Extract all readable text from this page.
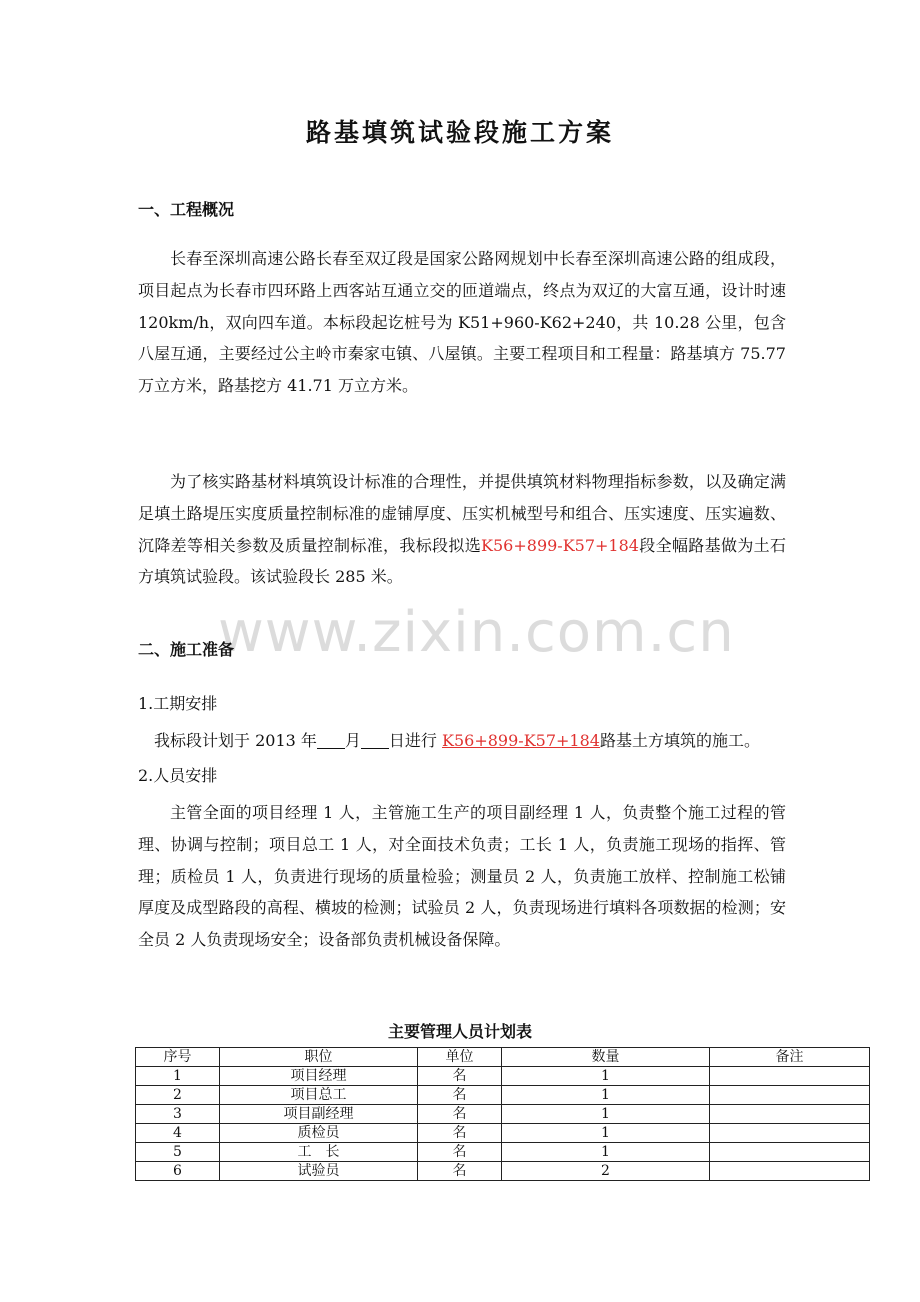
路基填筑试验段施工方案
一、工程概况

长春至深圳高速公路长春至双辽段是国家公路网规划中长春至深圳高速公路的组成段，项目起点为长春市四环路上西客站互通立交的匝道端点，终点为双辽的大富互通，设计时速 120km/h，双向四车道。本标段起讫桩号为 K51+960-K62+240，共 10.28 公里，包含八屋互通，主要经过公主岭市秦家屯镇、八屋镇。主要工程项目和工程量：路基填方 75.77 万立方米，路基挖方 41.71 万立方米。

为了核实路基材料填筑设计标准的合理性，并提供填筑材料物理指标参数，以及确定满足填土路堤压实度质量控制标准的虚铺厚度、压实机械型号和组合、压实速度、压实遍数、沉降差等相关参数及质量控制标准，我标段拟选K56+899-K57+184段全幅路基做为土石方填筑试验段。该试验段长 285 米。

www.zixin.com.cn
二、施工准备
1.工期安排
我标段计划于 2013 年 月 日进行 K56+899-K57+184路基土方填筑的施工。
2.人员安排

主管全面的项目经理 1 人，主管施工生产的项目副经理 1 人，负责整个施工过程的管理、协调与控制；项目总工 1 人，对全面技术负责；工长 1 人，负责施工现场的指挥、管理；质检员 1 人，负责进行现场的质量检验；测量员 2 人，负责施工放样、控制施工松铺厚度及成型路段的高程、横坡的检测；试验员 2 人，负责现场进行填料各项数据的检测；安全员 2 人负责现场安全；设备部负责机械设备保障。

主要管理人员计划表
序号	职位	单位	数量	备注
1	项目经理	名	1	
2	项目总工	名	1	
3	项目副经理	名	1	
4	质检员	名	1	
5	工　长	名	1	
6	试验员	名	2	
